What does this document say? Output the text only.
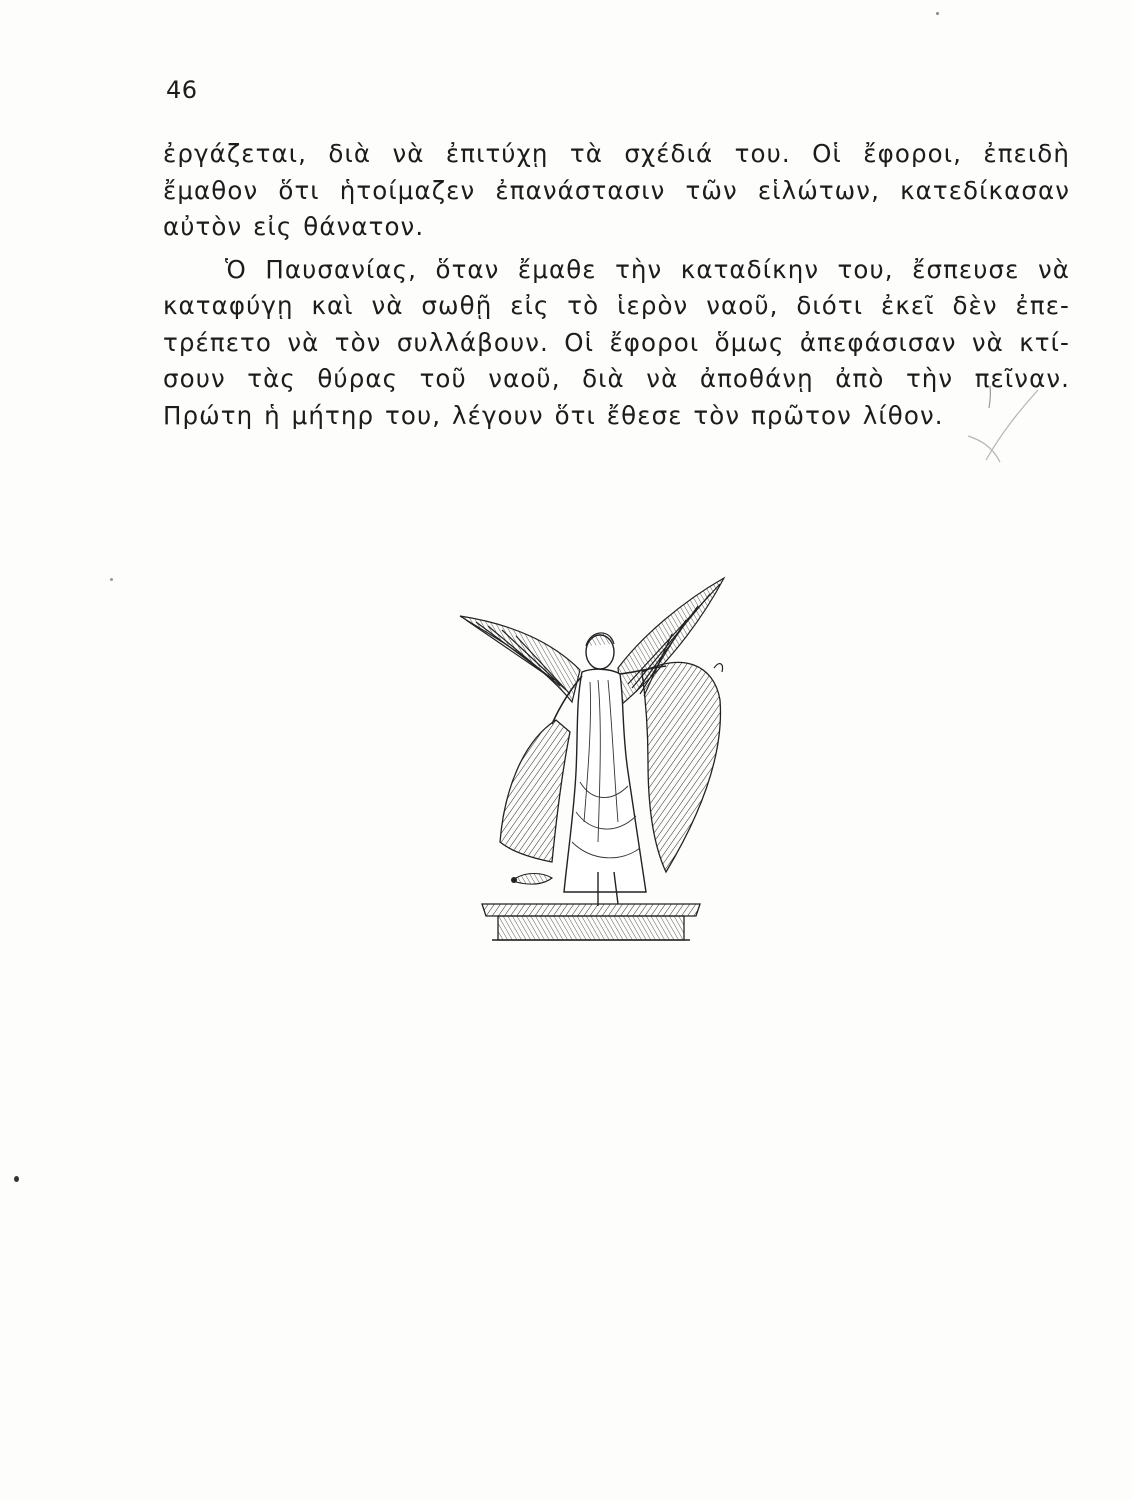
46
ἐργάζεται, διὰ νὰ ἐπιτύχῃ τὰ σχέδιά του. Οἱ ἔφοροι, ἐπειδὴ
ἔμαθον ὅτι ἡτοίμαζεν ἐπανάστασιν τῶν εἱλώτων, κατεδίκασαν
αὐτὸν εἰς θάνατον.
Ὁ Παυσανίας, ὅταν ἔμαθε τὴν καταδίκην του, ἔσπευσε νὰ
καταφύγῃ καὶ νὰ σωθῇ εἰς τὸ ἱερὸν ναοῦ, διότι ἐκεῖ δὲν ἐπε-
τρέπετο νὰ τὸν συλλάβουν. Οἱ ἔφοροι ὅμως ἀπεφάσισαν νὰ κτί-
σουν τὰς θύρας τοῦ ναοῦ, διὰ νὰ ἀποθάνῃ ἀπὸ τὴν πεῖναν.
Πρώτη ἡ μήτηρ του, λέγουν ὅτι ἔθεσε τὸν πρῶτον λίθον.
